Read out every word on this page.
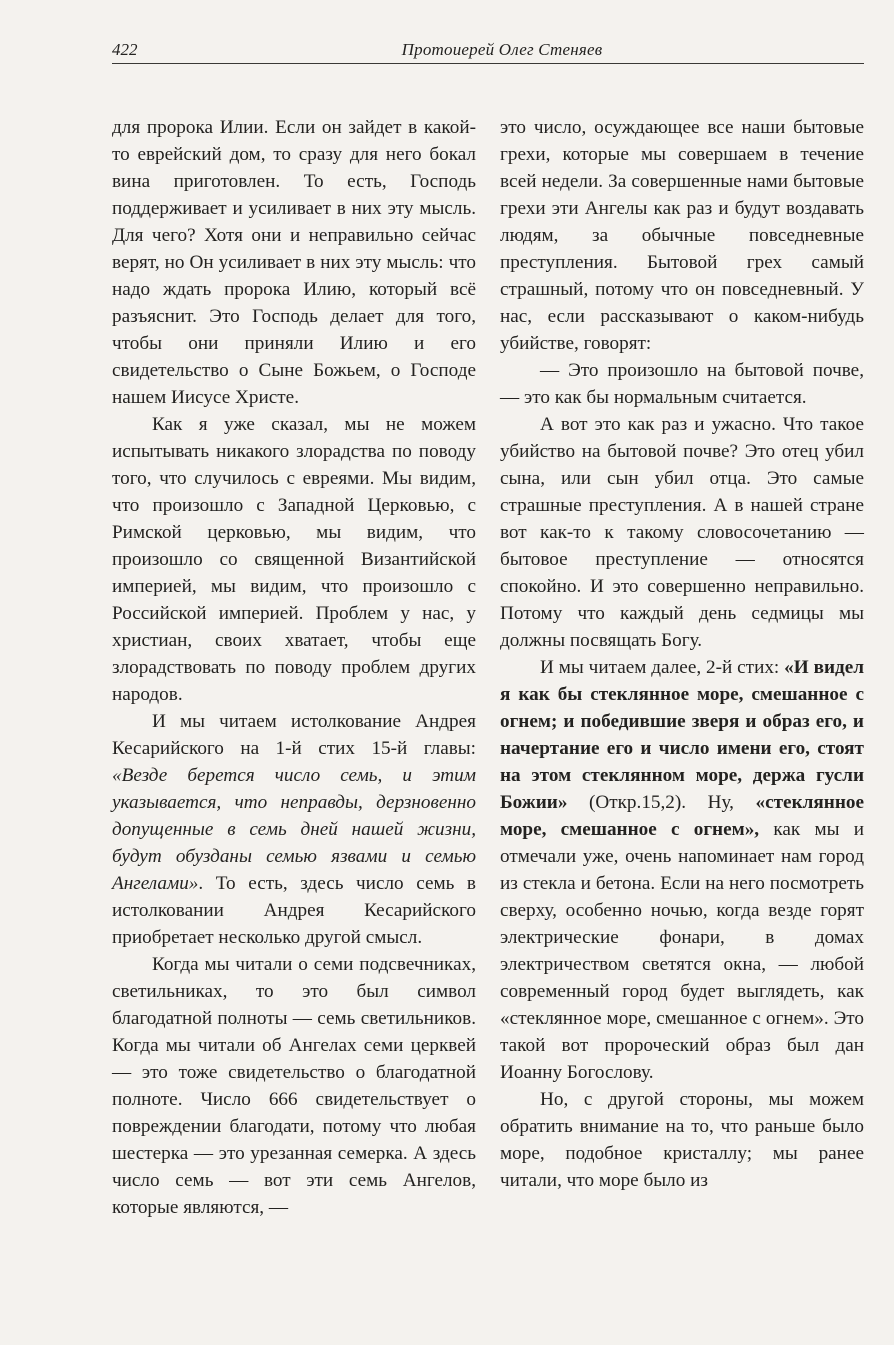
422	Протоиерей Олег Стеняев

для пророка Илии. Если он зайдет в какой-то еврейский дом, то сразу для него бокал вина приготовлен. То есть, Господь поддерживает и усиливает в них эту мысль. Для чего? Хотя они и неправильно сейчас верят, но Он усиливает в них эту мысль: что надо ждать пророка Илию, который всё разъяснит. Это Господь делает для того, чтобы они приняли Илию и его свидетельство о Сыне Божьем, о Господе нашем Иисусе Христе.

Как я уже сказал, мы не можем испытывать никакого злорадства по поводу того, что случилось с евреями. Мы видим, что произошло с Западной Церковью, с Римской церковью, мы видим, что произошло со священной Византийской империей, мы видим, что произошло с Российской империей. Проблем у нас, у христиан, своих хватает, чтобы еще злорадствовать по поводу проблем других народов.

И мы читаем истолкование Андрея Кесарийского на 1-й стих 15-й главы: «Везде берется число семь, и этим указывается, что неправды, дерзновенно допущенные в семь дней нашей жизни, будут обузданы семью язвами и семью Ангелами». То есть, здесь число семь в истолковании Андрея Кесарийского приобретает несколько другой смысл.

Когда мы читали о семи подсвечниках, светильниках, то это был символ благодатной полноты — семь светильников. Когда мы читали об Ангелах семи церквей — это тоже свидетельство о благодатной полноте. Число 666 свидетельствует о повреждении благодати, потому что любая шестерка — это урезанная семерка. А здесь число семь — вот эти семь Ангелов, которые являются, —

это число, осуждающее все наши бытовые грехи, которые мы совершаем в течение всей недели. За совершенные нами бытовые грехи эти Ангелы как раз и будут воздавать людям, за обычные повседневные преступления. Бытовой грех самый страшный, потому что он повседневный. У нас, если рассказывают о каком-нибудь убийстве, говорят:

— Это произошло на бытовой почве, — это как бы нормальным считается.

А вот это как раз и ужасно. Что такое убийство на бытовой почве? Это отец убил сына, или сын убил отца. Это самые страшные преступления. А в нашей стране вот как-то к такому словосочетанию — бытовое преступление — относятся спокойно. И это совершенно неправильно. Потому что каждый день седмицы мы должны посвящать Богу.

И мы читаем далее, 2-й стих: «И видел я как бы стеклянное море, смешанное с огнем; и победившие зверя и образ его, и начертание его и число имени его, стоят на этом стеклянном море, держа гусли Божии» (Откр.15,2). Ну, «стеклянное море, смешанное с огнем», как мы и отмечали уже, очень напоминает нам город из стекла и бетона. Если на него посмотреть сверху, особенно ночью, когда везде горят электрические фонари, в домах электричеством светятся окна, — любой современный город будет выглядеть, как «стеклянное море, смешанное с огнем». Это такой вот пророческий образ был дан Иоанну Богослову.

Но, с другой стороны, мы можем обратить внимание на то, что раньше было море, подобное кристаллу; мы ранее читали, что море было из
